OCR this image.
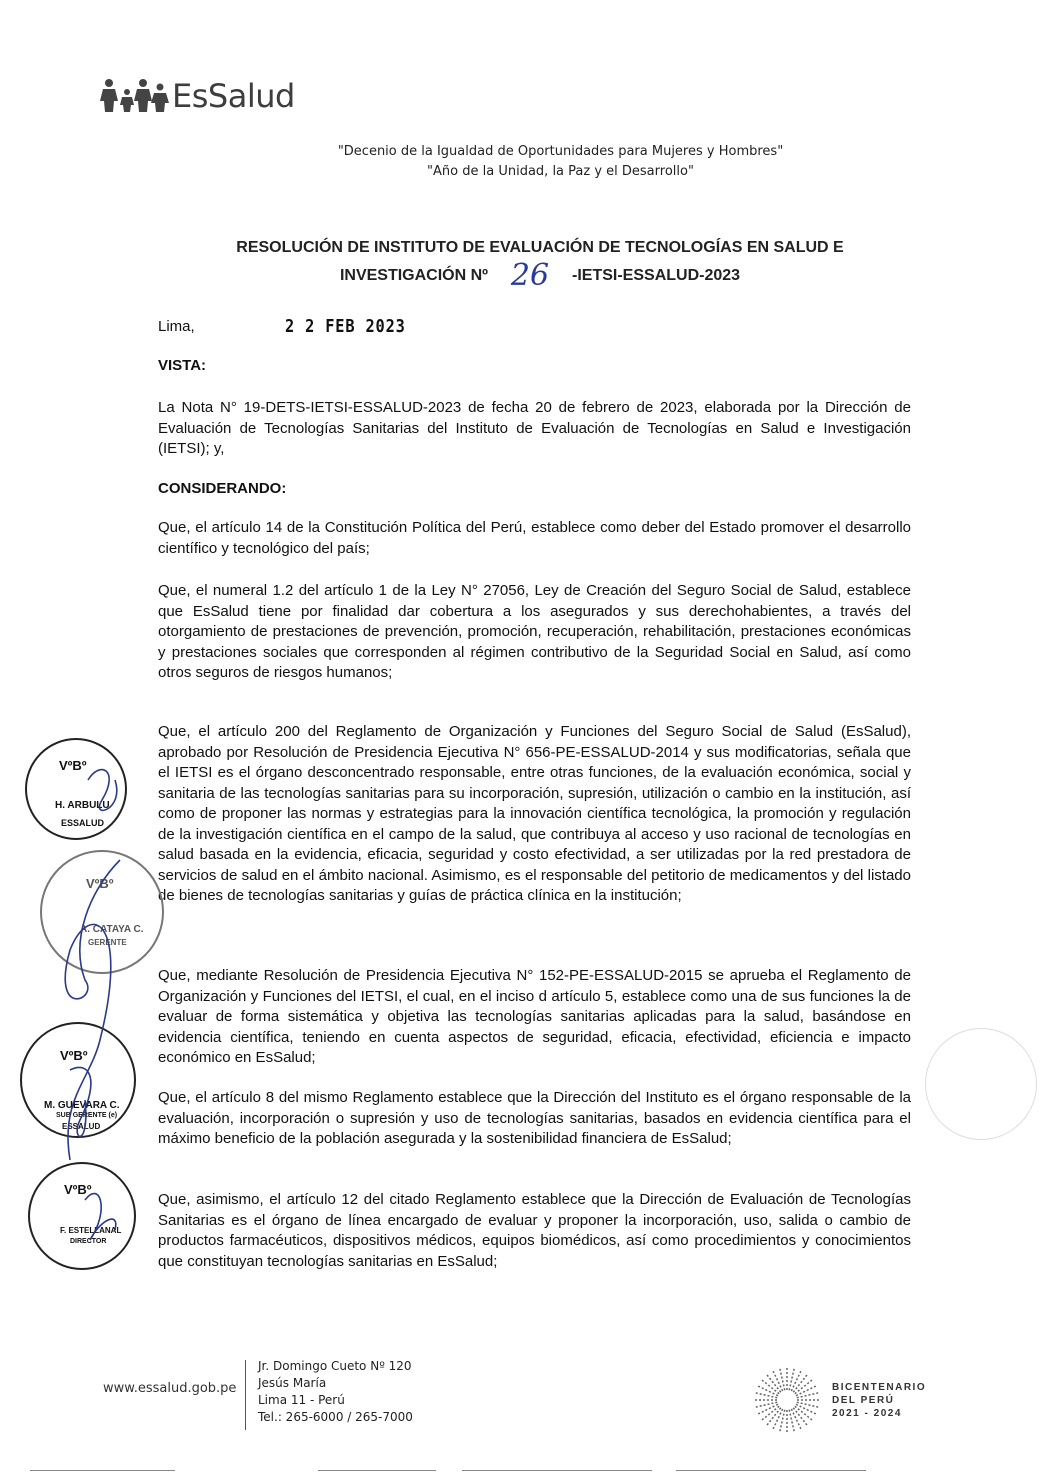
EsSalud
"Decenio de la Igualdad de Oportunidades para Mujeres y Hombres"
"Año de la Unidad, la Paz y el Desarrollo"
RESOLUCIÓN DE INSTITUTO DE EVALUACIÓN DE TECNOLOGÍAS EN SALUD E
INVESTIGACIÓN Nº 26	-IETSI-ESSALUD-2023
Lima,	2 2 FEB 2023
VISTA:
La Nota N° 19-DETS-IETSI-ESSALUD-2023 de fecha 20 de febrero de 2023, elaborada por la Dirección de Evaluación de Tecnologías Sanitarias del Instituto de Evaluación de Tecnologías en Salud e Investigación (IETSI); y,
CONSIDERANDO:
Que, el artículo 14 de la Constitución Política del Perú, establece como deber del Estado promover el desarrollo científico y tecnológico del país;
Que, el numeral 1.2 del artículo 1 de la Ley N° 27056, Ley de Creación del Seguro Social de Salud, establece que EsSalud tiene por finalidad dar cobertura a los asegurados y sus derechohabientes, a través del otorgamiento de prestaciones de prevención, promoción, recuperación, rehabilitación, prestaciones económicas y prestaciones sociales que corresponden al régimen contributivo de la Seguridad Social en Salud, así como otros seguros de riesgos humanos;
Que, el artículo 200 del Reglamento de Organización y Funciones del Seguro Social de Salud (EsSalud), aprobado por Resolución de Presidencia Ejecutiva N° 656-PE-ESSALUD-2014 y sus modificatorias, señala que el IETSI es el órgano desconcentrado responsable, entre otras funciones, de la evaluación económica, social y sanitaria de las tecnologías sanitarias para su incorporación, supresión, utilización o cambio en la institución, así como de proponer las normas y estrategias para la innovación científica tecnológica, la promoción y regulación de la investigación científica en el campo de la salud, que contribuya al acceso y uso racional de tecnologías en salud basada en la evidencia, eficacia, seguridad y costo efectividad, a ser utilizadas por la red prestadora de servicios de salud en el ámbito nacional. Asimismo, es el responsable del petitorio de medicamentos y del listado de bienes de tecnologías sanitarias y guías de práctica clínica en la institución;
Que, mediante Resolución de Presidencia Ejecutiva N° 152-PE-ESSALUD-2015 se aprueba el Reglamento de Organización y Funciones del IETSI, el cual, en el inciso d artículo 5, establece como una de sus funciones la de evaluar de forma sistemática y objetiva las tecnologías sanitarias aplicadas para la salud, basándose en evidencia científica, teniendo en cuenta aspectos de seguridad, eficacia, efectividad, eficiencia e impacto económico en EsSalud;
Que, el artículo 8 del mismo Reglamento establece que la Dirección del Instituto es el órgano responsable de la evaluación, incorporación o supresión y uso de tecnologías sanitarias, basados en evidencia científica para el máximo beneficio de la población asegurada y la sostenibilidad financiera de EsSalud;
Que, asimismo, el artículo 12 del citado Reglamento establece que la Dirección de Evaluación de Tecnologías Sanitarias es el órgano de línea encargado de evaluar y proponer la incorporación, uso, salida o cambio de productos farmacéuticos, dispositivos médicos, equipos biomédicos, así como procedimientos y conocimientos que constituyan tecnologías sanitarias en EsSalud;
VºBº
H. ARBULU
ESSALUD
VºBº
A. CATAYA C.
GERENTE
VºBº
M. GUEVARA C.
SUB GERENTE (e)
ESSALUD
VºBº
F. ESTELLANAL
DIRECTOR
www.essalud.gob.pe
Jr. Domingo Cueto Nº 120
Jesús María
Lima 11 - Perú
Tel.: 265-6000 / 265-7000
BICENTENARIO
DEL PERÚ
2021 - 2024
